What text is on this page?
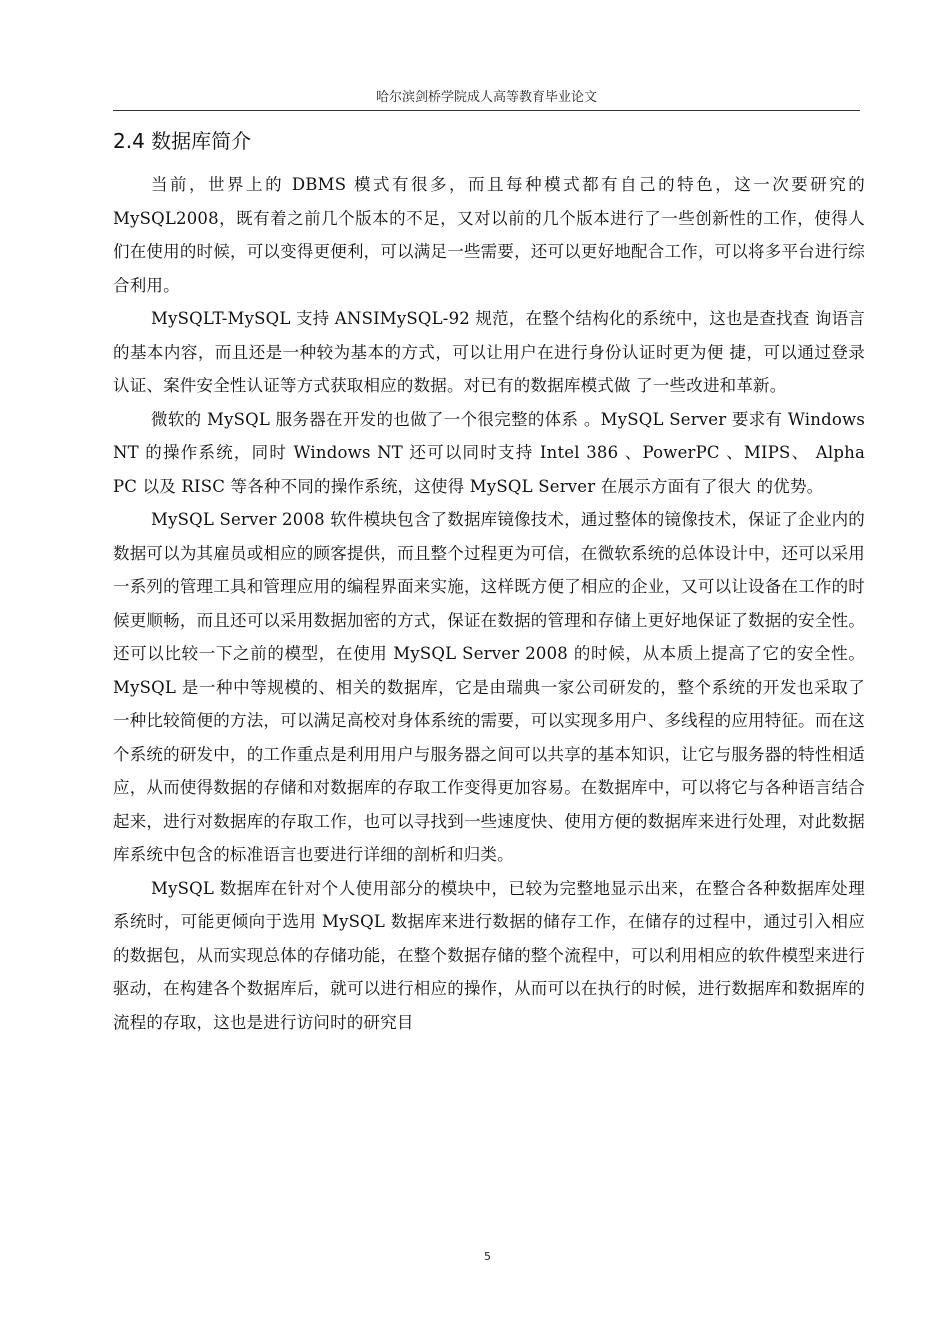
哈尔滨剑桥学院成人高等教育毕业论文
2.4 数据库简介

当前，世界上的 DBMS 模式有很多，而且每种模式都有自己的特色，这一次要研究的 MySQL2008，既有着之前几个版本的不足，又对以前的几个版本进行了一些创新性的工作，使得人们在使用的时候，可以变得更便利，可以满足一些需要，还可以更好地配合工作，可以将多平台进行综合利用。

MySQLT-MySQL 支持 ANSIMySQL-92 规范，在整个结构化的系统中，这也是查找查 询语言的基本内容，而且还是一种较为基本的方式，可以让用户在进行身份认证时更为便 捷，可以通过登录认证、案件安全性认证等方式获取相应的数据。对已有的数据库模式做 了一些改进和革新。

微软的 MySQL 服务器在开发的也做了一个很完整的体系 。MySQL Server 要求有 Windows NT 的操作系统，同时 Windows NT 还可以同时支持 Intel 386 、PowerPC 、MIPS、 Alpha PC 以及 RISC 等各种不同的操作系统，这使得 MySQL Server 在展示方面有了很大 的优势。

MySQL Server 2008 软件模块包含了数据库镜像技术，通过整体的镜像技术，保证了企业内的数据可以为其雇员或相应的顾客提供，而且整个过程更为可信，在微软系统的总体设计中，还可以采用一系列的管理工具和管理应用的编程界面来实施，这样既方便了相应的企业，又可以让设备在工作的时候更顺畅，而且还可以采用数据加密的方式，保证在数据的管理和存储上更好地保证了数据的安全性。还可以比较一下之前的模型，在使用 MySQL Server 2008 的时候，从本质上提高了它的安全性。MySQL 是一种中等规模的、相关的数据库，它是由瑞典一家公司研发的，整个系统的开发也采取了一种比较简便的方法，可以满足高校对身体系统的需要，可以实现多用户、多线程的应用特征。而在这个系统的研发中，的工作重点是利用用户与服务器之间可以共享的基本知识，让它与服务器的特性相适应，从而使得数据的存储和对数据库的存取工作变得更加容易。在数据库中，可以将它与各种语言结合起来，进行对数据库的存取工作，也可以寻找到一些速度快、使用方便的数据库来进行处理，对此数据库系统中包含的标准语言也要进行详细的剖析和归类。

MySQL 数据库在针对个人使用部分的模块中，已较为完整地显示出来，在整合各种数据库处理系统时，可能更倾向于选用 MySQL 数据库来进行数据的储存工作，在储存的过程中，通过引入相应的数据包，从而实现总体的存储功能，在整个数据存储的整个流程中，可以利用相应的软件模型来进行驱动，在构建各个数据库后，就可以进行相应的操作，从而可以在执行的时候，进行数据库和数据库的流程的存取，这也是进行访问时的研究目

5
